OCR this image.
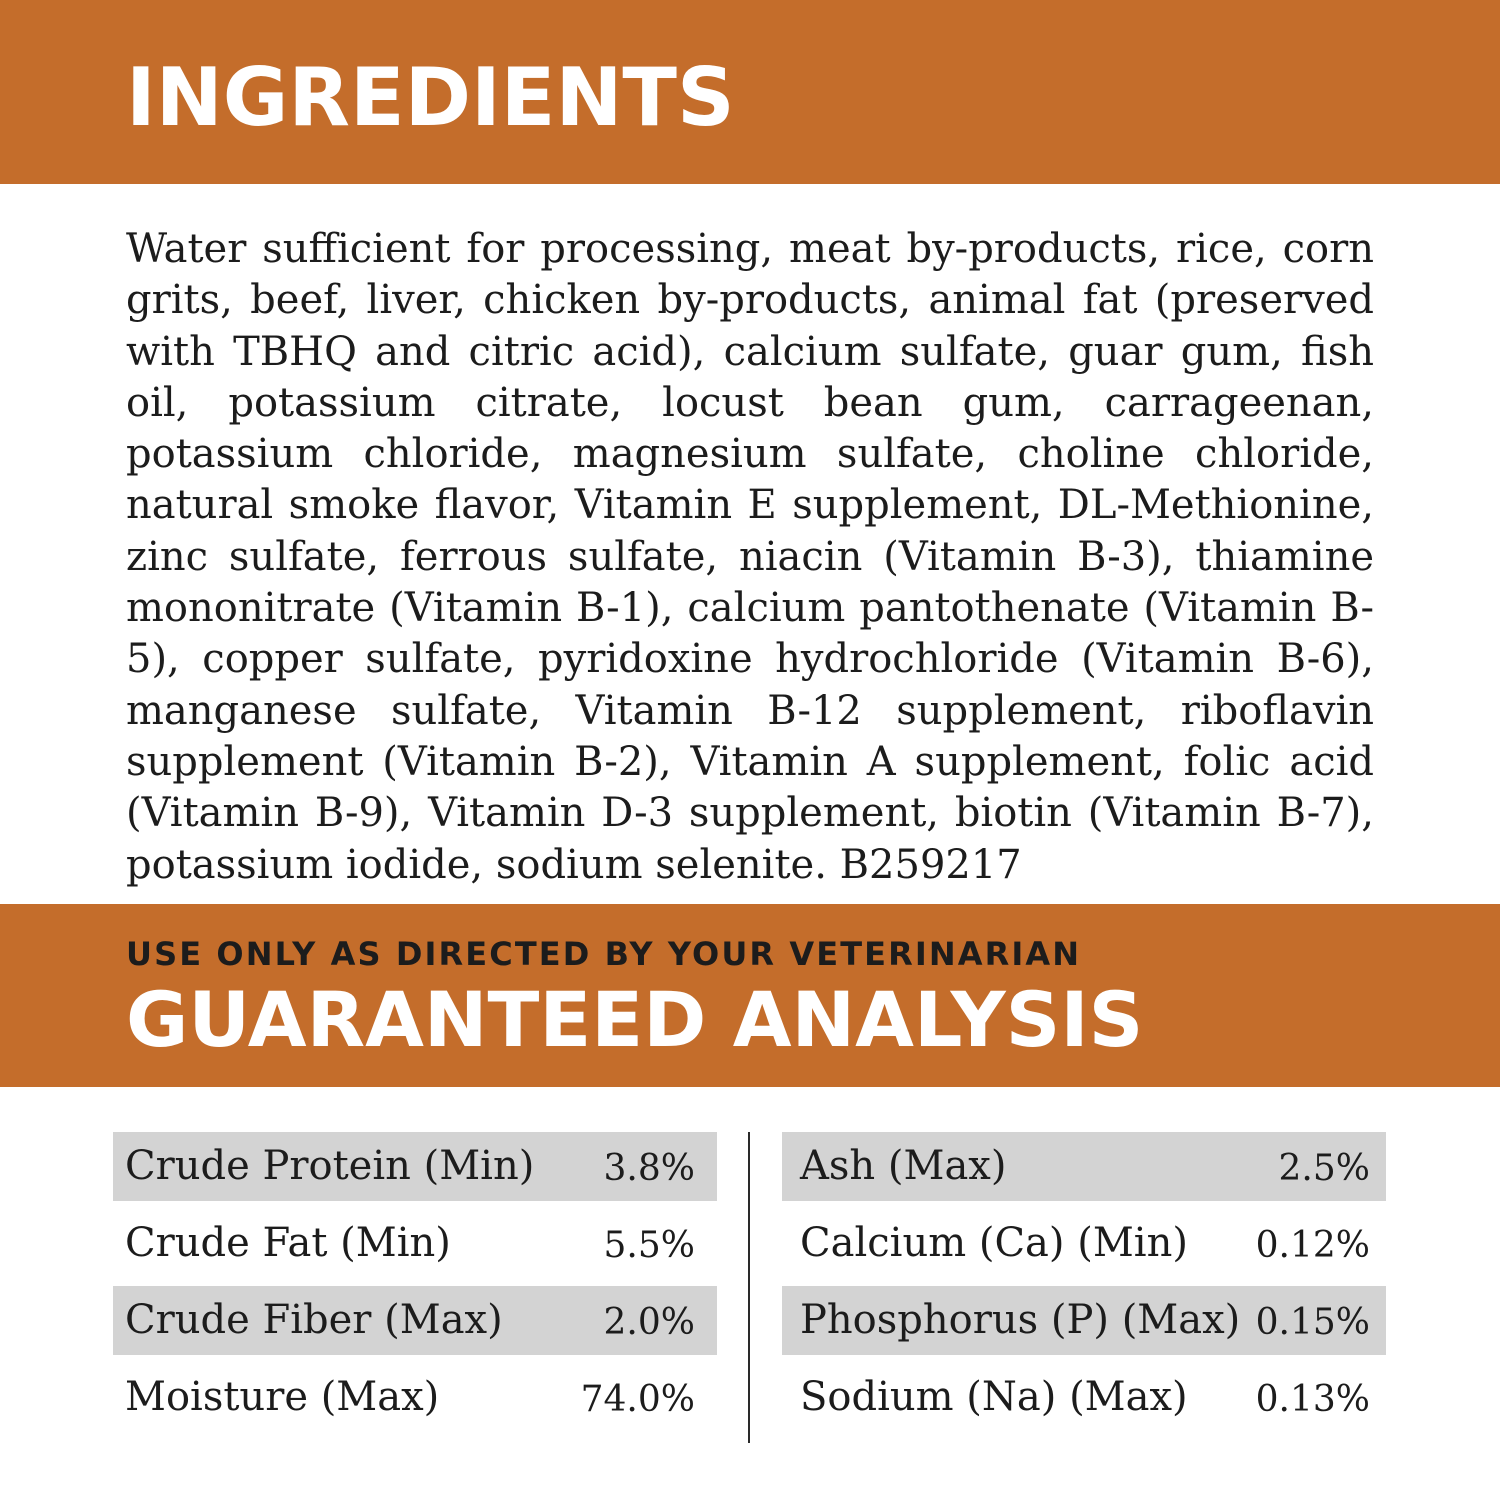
INGREDIENTS

Water sufficient for processing, meat by-products, rice, corn grits, beef, liver, chicken by-products, animal fat (preserved with TBHQ and citric acid), calcium sulfate, guar gum, fish oil, potassium citrate, locust bean gum, carrageenan, potassium chloride, magnesium sulfate, choline chloride, natural smoke flavor, Vitamin E supplement, DL-Methionine, zinc sulfate, ferrous sulfate, niacin (Vitamin B-3), thiamine mononitrate (Vitamin B-1), calcium pantothenate (Vitamin B-5), copper sulfate, pyridoxine hydrochloride (Vitamin B-6), manganese sulfate, Vitamin B-12 supplement, riboflavin supplement (Vitamin B-2), Vitamin A supplement, folic acid (Vitamin B-9), Vitamin D-3 supplement, biotin (Vitamin B-7), potassium iodide, sodium selenite. B259217

USE ONLY AS DIRECTED BY YOUR VETERINARIAN
GUARANTEED ANALYSIS
Crude Protein (Min) 3.8%
Crude Fat (Min)	5.5%
Crude Fiber (Max)	2.0%
Moisture (Max)	74.0%
Ash (Max)	2.5%
Calcium (Ca) (Min) 0.12%
Phosphorus (P) (Max) 0.15%
Sodium (Na) (Max) 0.13%
